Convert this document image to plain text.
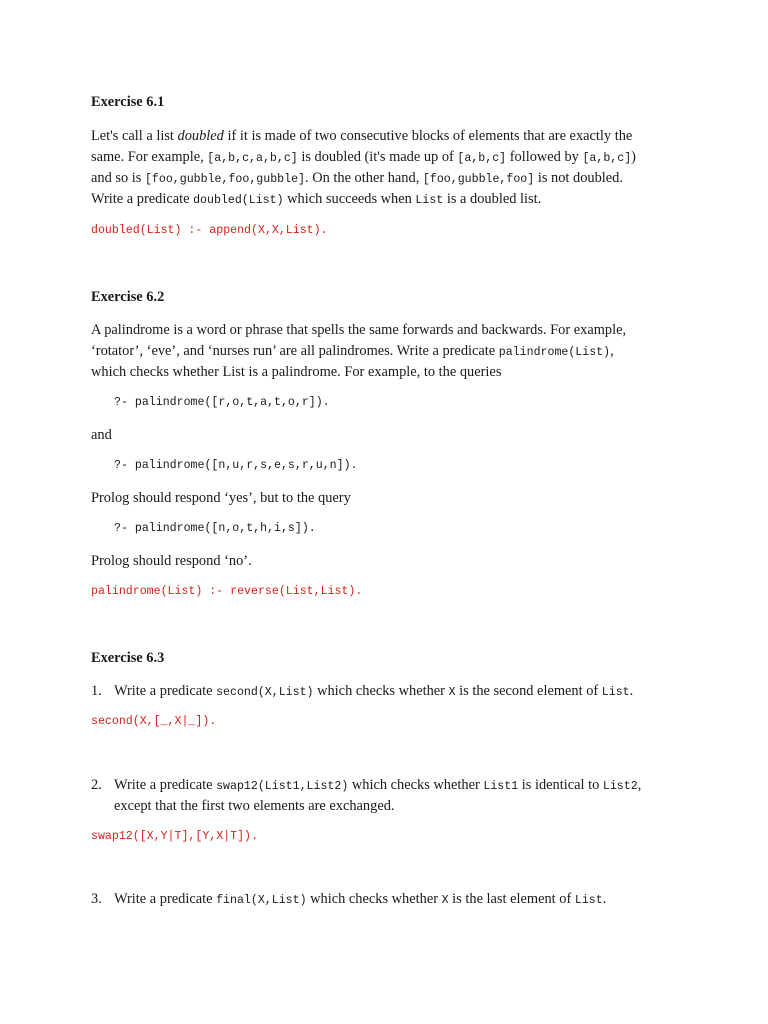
Exercise 6.1
Let's call a list doubled if it is made of two consecutive blocks of elements that are exactly the
same. For example, [a,b,c,a,b,c] is doubled (it's made up of [a,b,c] followed by [a,b,c])
and so is [foo,gubble,foo,gubble]. On the other hand, [foo,gubble,foo] is not doubled.
Write a predicate doubled(List) which succeeds when List is a doubled list.
doubled(List) :- append(X,X,List).
Exercise 6.2
A palindrome is a word or phrase that spells the same forwards and backwards. For example,
‘rotator’, ‘eve’, and ‘nurses run’ are all palindromes. Write a predicate palindrome(List),
which checks whether List is a palindrome. For example, to the queries
?- palindrome([r,o,t,a,t,o,r]).
and
?- palindrome([n,u,r,s,e,s,r,u,n]).
Prolog should respond ‘yes’, but to the query
?- palindrome([n,o,t,h,i,s]).
Prolog should respond ‘no’.
palindrome(List) :- reverse(List,List).
Exercise 6.3
1. Write a predicate second(X,List) which checks whether X is the second element of List.
second(X,[_,X|_]).
2. Write a predicate swap12(List1,List2) which checks whether List1 is identical to List2,
except that the first two elements are exchanged.
swap12([X,Y|T],[Y,X|T]).
3. Write a predicate final(X,List) which checks whether X is the last element of List.
